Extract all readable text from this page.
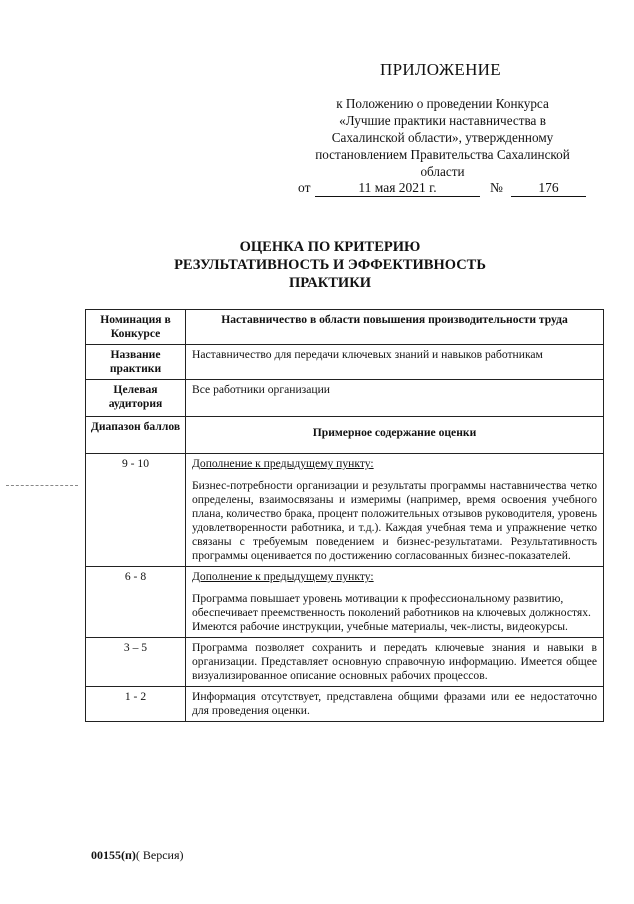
ПРИЛОЖЕНИЕ
к Положению о проведении Конкурса
«Лучшие практики наставничества в
Сахалинской области», утвержденному
постановлением Правительства Сахалинской
области
от	11 мая 2021 г.	№	176
ОЦЕНКА ПО КРИТЕРИЮ
РЕЗУЛЬТАТИВНОСТЬ И ЭФФЕКТИВНОСТЬ
ПРАКТИКИ
Номинация в Конкурсе	Наставничество в области повышения производительности труда
Название практики	Наставничество для передачи ключевых знаний и навыков работникам
Целевая аудитория	Все работники организации
Диапазон баллов	Примерное содержание оценки
9 - 10	Дополнение к предыдущему пункту:
Бизнес-потребности организации и результаты программы наставничества четко определены, взаимосвязаны и измеримы (например, время освоения учебного плана, количество брака, процент положительных отзывов руководителя, уровень удовлетворенности работника, и т.д.). Каждая учебная тема и упражнение четко связаны с требуемым поведением и бизнес-результатами. Результативность программы оценивается по достижению согласованных бизнес-показателей.

6 - 8	Дополнение к предыдущему пункту:
Программа повышает уровень мотивации к профессиональному развитию, обеспечивает преемственность поколений работников на ключевых должностях.
Имеются рабочие инструкции, учебные материалы, чек-листы, видеокурсы.

3 – 5	Программа позволяет сохранить и передать ключевые знания и навыки в организации. Представляет основную справочную информацию. Имеется общее визуализированное описание основных рабочих процессов.
1 - 2	Информация отсутствует, представлена общими фразами или ее недостаточно для проведения оценки.
00155(п)( Версия)
